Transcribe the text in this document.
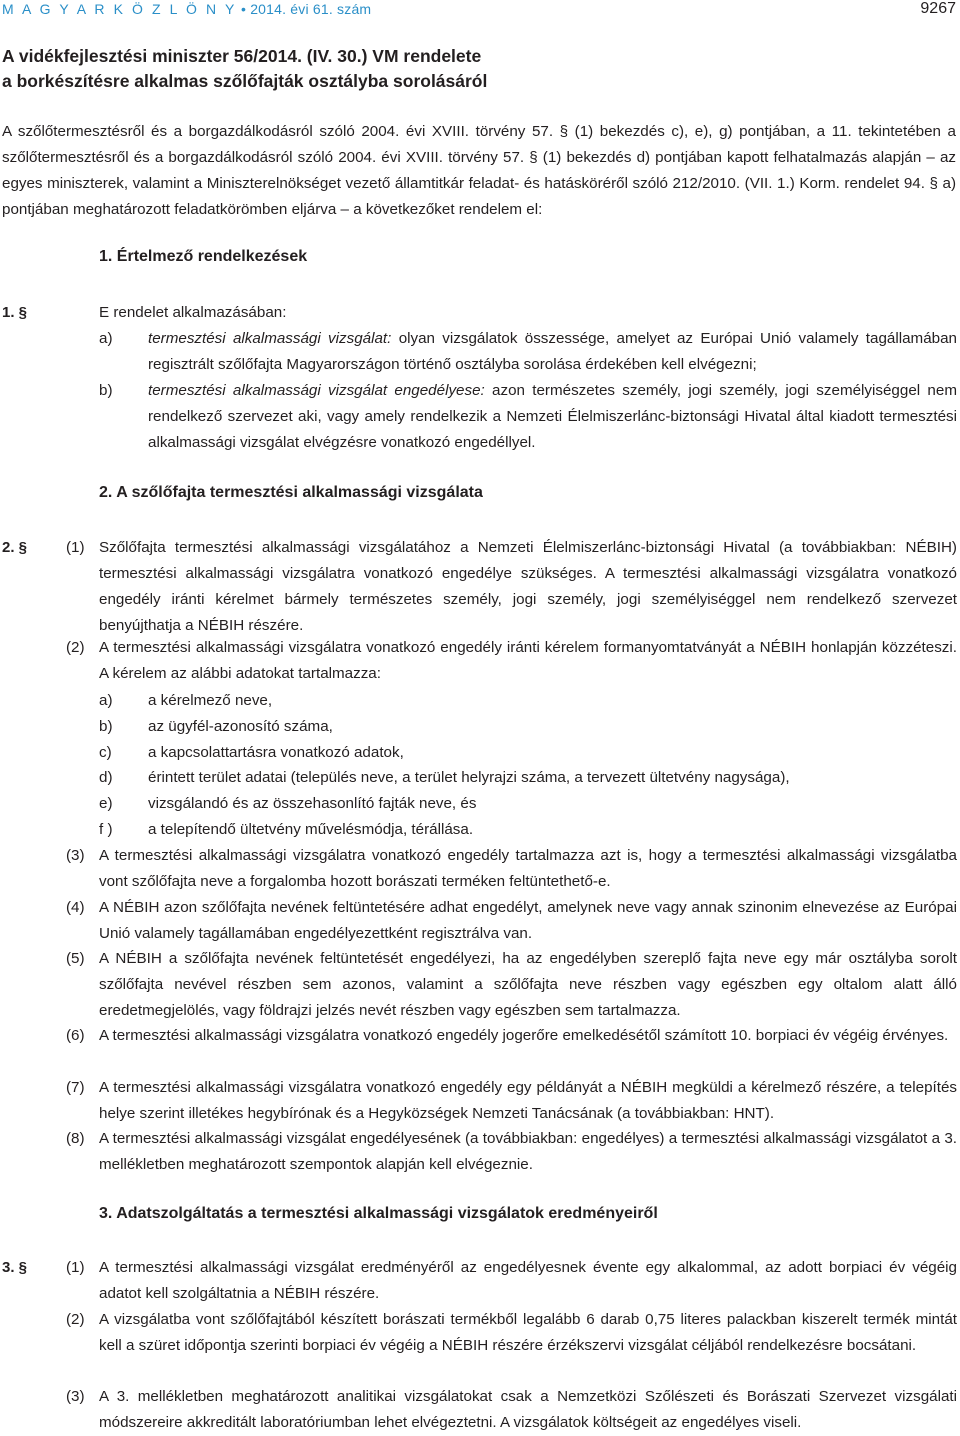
M A G Y A R K Ö Z L Ö N Y • 2014. évi 61. szám	9267
A vidékfejlesztési miniszter 56/2014. (IV. 30.) VM rendelete
a borkészítésre alkalmas szőlőfajták osztályba sorolásáról
A szőlőtermesztésről és a borgazdálkodásról szóló 2004. évi XVIII. törvény 57. § (1) bekezdés c), e), g) pontjában, a 11. tekintetében a szőlőtermesztésről és a borgazdálkodásról szóló 2004. évi XVIII. törvény 57. § (1) bekezdés d) pontjában kapott felhatalmazás alapján – az egyes miniszterek, valamint a Miniszterelnökséget vezető államtitkár feladat- és hatásköréről szóló 212/2010. (VII. 1.) Korm. rendelet 94. § a) pontjában meghatározott feladatkörömben eljárva – a következőket rendelem el:
1. Értelmező rendelkezések
1. §	E rendelet alkalmazásában:
a) termesztési alkalmassági vizsgálat: olyan vizsgálatok összessége, amelyet az Európai Unió valamely tagállamában regisztrált szőlőfajta Magyarországon történő osztályba sorolása érdekében kell elvégezni;
b) termesztési alkalmassági vizsgálat engedélyese: azon természetes személy, jogi személy, jogi személyiséggel nem rendelkező szervezet aki, vagy amely rendelkezik a Nemzeti Élelmiszerlánc-biztonsági Hivatal által kiadott termesztési alkalmassági vizsgálat elvégzésre vonatkozó engedéllyel.
2. A szőlőfajta termesztési alkalmassági vizsgálata
2. §	(1) Szőlőfajta termesztési alkalmassági vizsgálatához a Nemzeti Élelmiszerlánc-biztonsági Hivatal (a továbbiakban: NÉBIH) termesztési alkalmassági vizsgálatra vonatkozó engedélye szükséges. A termesztési alkalmassági vizsgálatra vonatkozó engedély iránti kérelmet bármely természetes személy, jogi személy, jogi személyiséggel nem rendelkező szervezet benyújthatja a NÉBIH részére.
(2) A termesztési alkalmassági vizsgálatra vonatkozó engedély iránti kérelem formanyomtatványát a NÉBIH honlapján közzéteszi. A kérelem az alábbi adatokat tartalmazza:
a) a kérelmező neve,
b) az ügyfél-azonosító száma,
c) a kapcsolattartásra vonatkozó adatok,
d) érintett terület adatai (település neve, a terület helyrajzi száma, a tervezett ültetvény nagysága),
e) vizsgálandó és az összehasonlító fajták neve, és
f ) a telepítendő ültetvény művelésmódja, térállása.
(3) A termesztési alkalmassági vizsgálatra vonatkozó engedély tartalmazza azt is, hogy a termesztési alkalmassági vizsgálatba vont szőlőfajta neve a forgalomba hozott borászati terméken feltüntethető-e.
(4) A NÉBIH azon szőlőfajta nevének feltüntetésére adhat engedélyt, amelynek neve vagy annak szinonim elnevezése az Európai Unió valamely tagállamában engedélyezettként regisztrálva van.
(5) A NÉBIH a szőlőfajta nevének feltüntetését engedélyezi, ha az engedélyben szereplő fajta neve egy már osztályba sorolt szőlőfajta nevével részben sem azonos, valamint a szőlőfajta neve részben vagy egészben egy oltalom alatt álló eredetmegjelölés, vagy földrajzi jelzés nevét részben vagy egészben sem tartalmazza.
(6) A termesztési alkalmassági vizsgálatra vonatkozó engedély jogerőre emelkedésétől számított 10. borpiaci év végéig érvényes.
(7) A termesztési alkalmassági vizsgálatra vonatkozó engedély egy példányát a NÉBIH megküldi a kérelmező részére, a telepítés helye szerint illetékes hegybírónak és a Hegyközségek Nemzeti Tanácsának (a továbbiakban: HNT).
(8) A termesztési alkalmassági vizsgálat engedélyesének (a továbbiakban: engedélyes) a termesztési alkalmassági vizsgálatot a 3. mellékletben meghatározott szempontok alapján kell elvégeznie.
3. Adatszolgáltatás a termesztési alkalmassági vizsgálatok eredményeiről
3. §	(1) A termesztési alkalmassági vizsgálat eredményéről az engedélyesnek évente egy alkalommal, az adott borpiaci év végéig adatot kell szolgáltatnia a NÉBIH részére.
(2) A vizsgálatba vont szőlőfajtából készített borászati termékből legalább 6 darab 0,75 literes palackban kiszerelt termék mintát kell a szüret időpontja szerinti borpiaci év végéig a NÉBIH részére érzékszervi vizsgálat céljából rendelkezésre bocsátani.
(3) A 3. mellékletben meghatározott analitikai vizsgálatokat csak a Nemzetközi Szőlészeti és Borászati Szervezet vizsgálati módszereire akkreditált laboratóriumban lehet elvégeztetni. A vizsgálatok költségeit az engedélyes viseli.
